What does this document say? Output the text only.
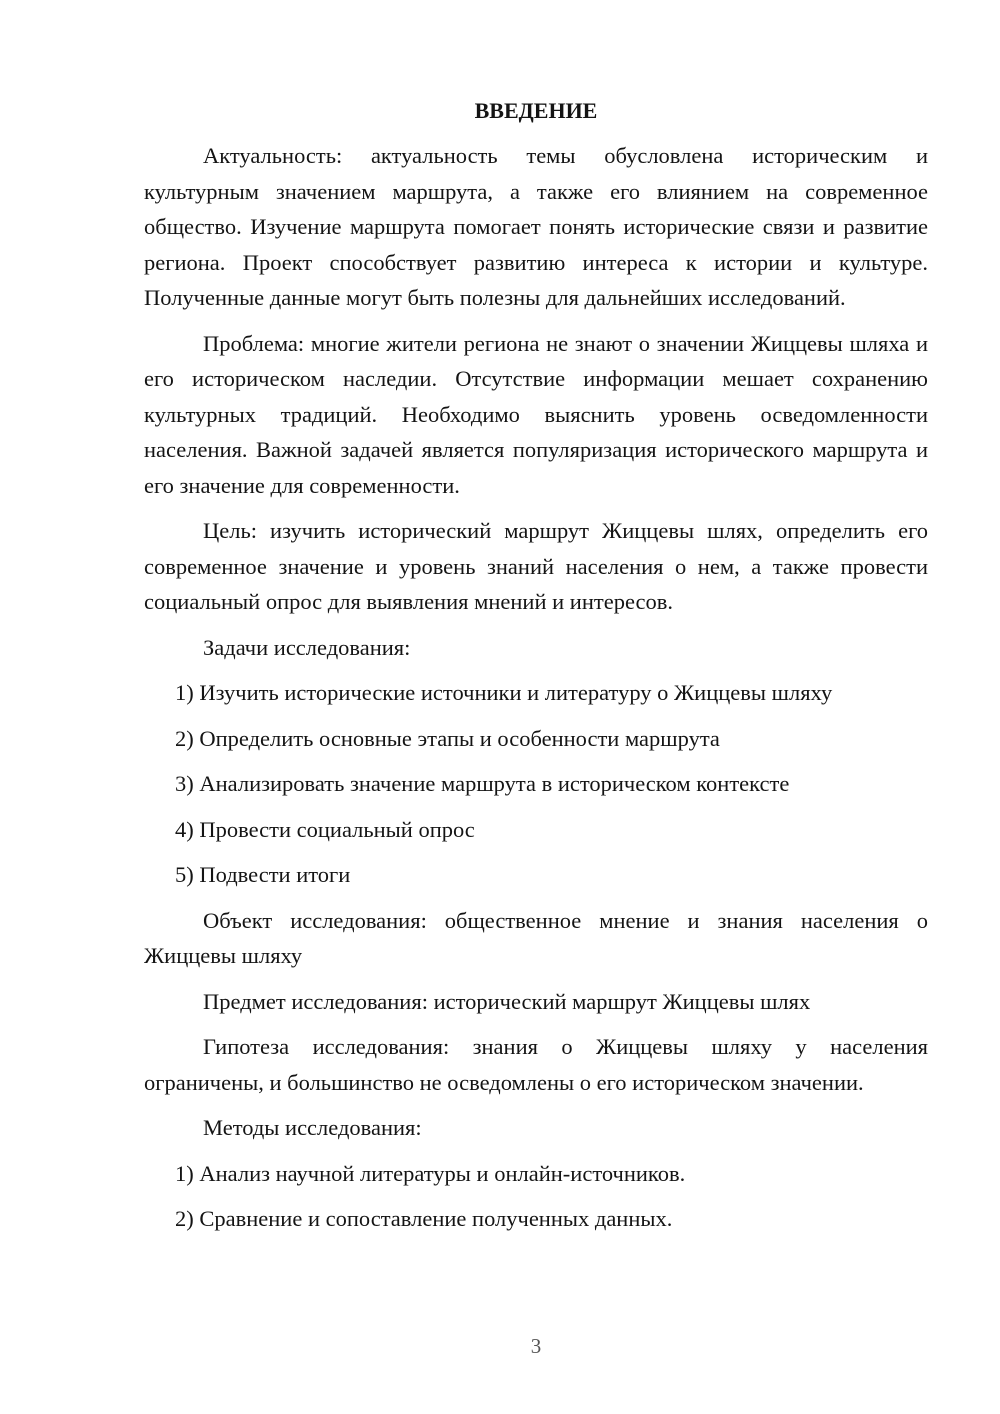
ВВЕДЕНИЕ

Актуальность: актуальность темы обусловлена историческим и культурным значением маршрута, а также его влиянием на современное общество. Изучение маршрута помогает понять исторические связи и развитие региона. Проект способствует развитию интереса к истории и культуре. Полученные данные могут быть полезны для дальнейших исследований.

Проблема: многие жители региона не знают о значении Жиццевы шляха и его историческом наследии. Отсутствие информации мешает сохранению культурных традиций. Необходимо выяснить уровень осведомленности населения. Важной задачей является популяризация исторического маршрута и его значение для современности.

Цель: изучить исторический маршрут Жиццевы шлях, определить его современное значение и уровень знаний населения о нем, а также провести социальный опрос для выявления мнений и интересов.

Задачи исследования:

1) Изучить исторические источники и литературу о Жиццевы шляху

2) Определить основные этапы и особенности маршрута

3) Анализировать значение маршрута в историческом контексте

4) Провести социальный опрос

5) Подвести итоги

Объект исследования: общественное мнение и знания населения о Жиццевы шляху

Предмет исследования: исторический маршрут Жиццевы шлях

Гипотеза исследования: знания о Жиццевы шляху у населения ограничены, и большинство не осведомлены о его историческом значении.

Методы исследования:

1) Анализ научной литературы и онлайн-источников.

2) Сравнение и сопоставление полученных данных.

3
